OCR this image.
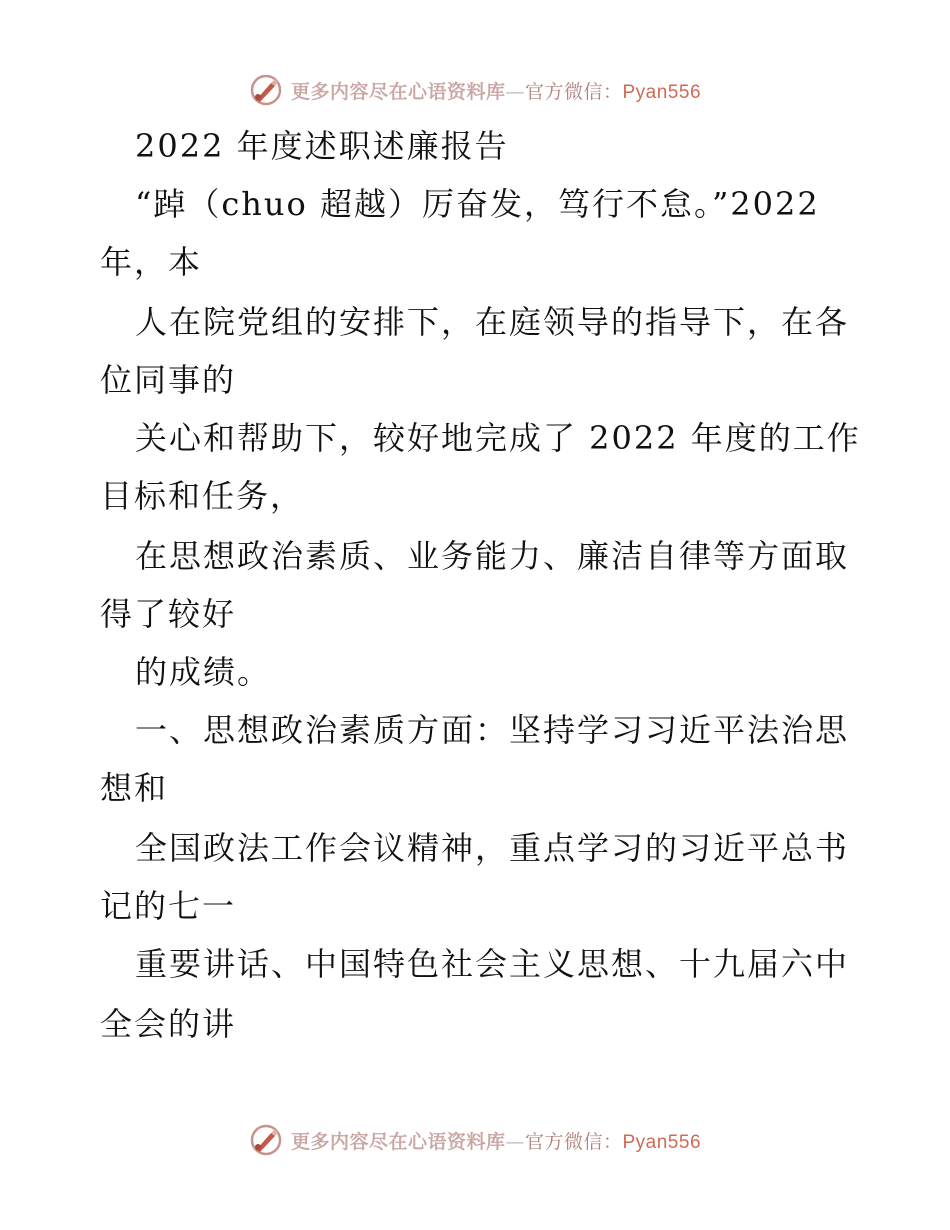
更多内容尽在心语资料库—官方微信：Pyan556
2022 年度述职述廉报告
“踔（chuo 超越）厉奋发，笃行不怠。”2022
年，本
人在院党组的安排下，在庭领导的指导下，在各
位同事的
关心和帮助下，较好地完成了 2022 年度的工作
目标和任务，
在思想政治素质、业务能力、廉洁自律等方面取
得了较好
的成绩。
一、思想政治素质方面：坚持学习习近平法治思
想和
全国政法工作会议精神，重点学习的习近平总书
记的七一
重要讲话、中国特色社会主义思想、十九届六中
全会的讲
更多内容尽在心语资料库—官方微信：Pyan556
